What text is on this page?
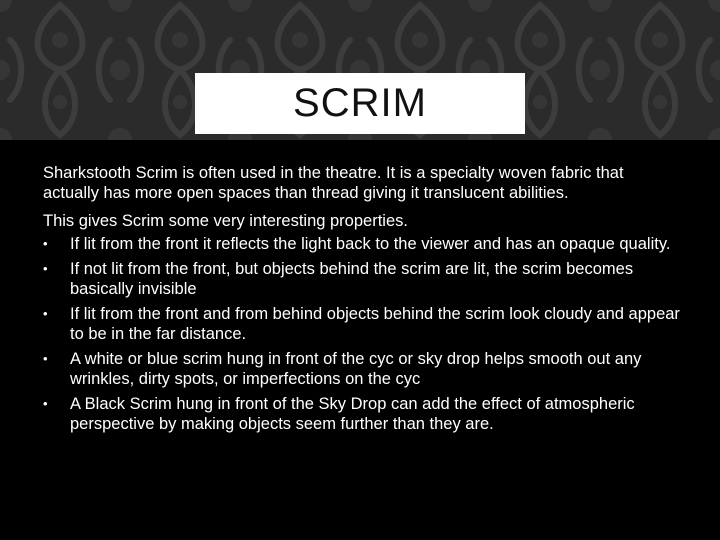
SCRIM

Sharkstooth Scrim is often used in the theatre. It is a specialty woven fabric that actually has more open spaces than thread giving it translucent abilities.

This gives Scrim some very interesting properties.

•	If lit from the front it reflects the light back to the viewer and has an opaque quality.
•	If not lit from the front, but objects behind the scrim are lit, the scrim becomes basically invisible
•	If lit from the front and from behind objects behind the scrim look cloudy and appear to be in the far distance.
•	A white or blue scrim hung in front of the cyc or sky drop helps smooth out any wrinkles, dirty spots, or imperfections on the cyc
•	A Black Scrim hung in front of the Sky Drop can add the effect of atmospheric perspective by making objects seem further than they are.
